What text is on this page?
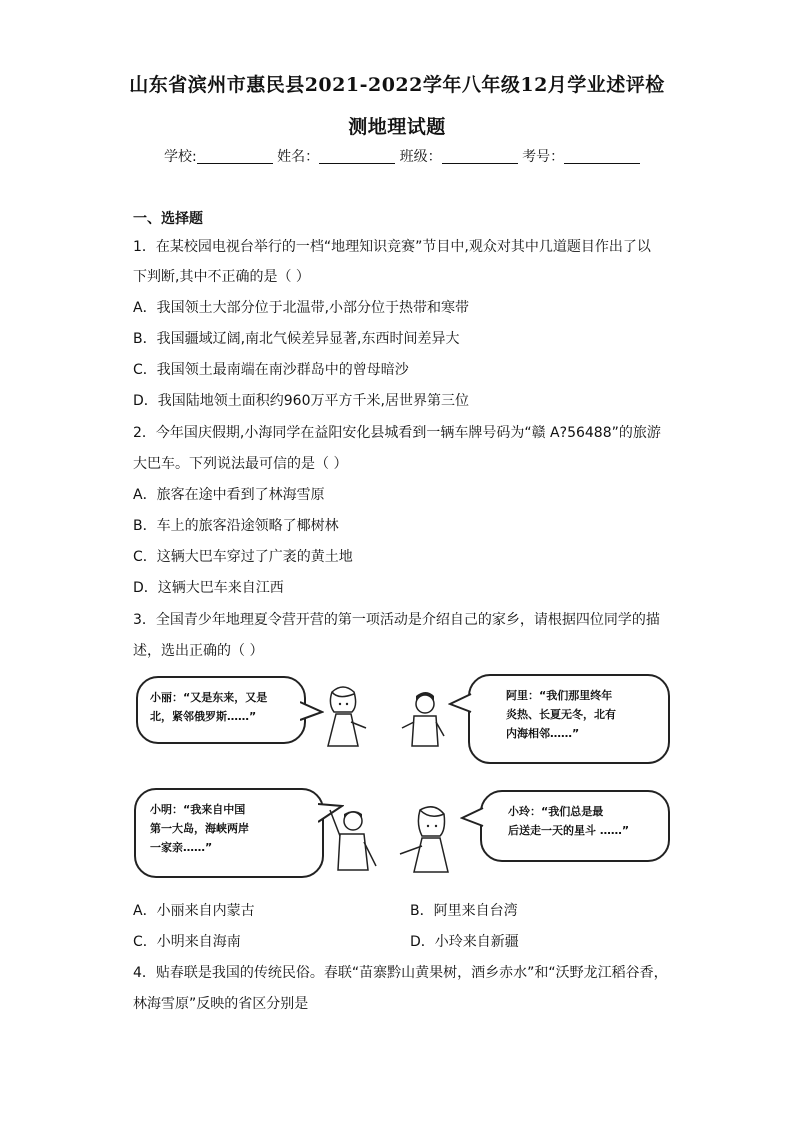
山东省滨州市惠民县2021-2022学年八年级12月学业述评检
测地理试题
学校:	姓名：	班级：	考号：
一、选择题
1．在某校园电视台举行的一档“地理知识竞赛”节目中,观众对其中几道题目作出了以
下判断,其中不正确的是（ ）
A．我国领土大部分位于北温带,小部分位于热带和寒带
B．我国疆域辽阔,南北气候差异显著,东西时间差异大
C．我国领土最南端在南沙群岛中的曾母暗沙
D．我国陆地领土面积约960万平方千米,居世界第三位
2．今年国庆假期,小海同学在益阳安化县城看到一辆车牌号码为“赣 A?56488”的旅游
大巴车。下列说法最可信的是（ ）
A．旅客在途中看到了林海雪原
B．车上的旅客沿途领略了椰树林
C．这辆大巴车穿过了广袤的黄土地
D．这辆大巴车来自江西
3．全国青少年地理夏令营开营的第一项活动是介绍自己的家乡，请根据四位同学的描
述，选出正确的（ ）
小丽：“又是东来，又是
北，紧邻俄罗斯……”
阿里：“我们那里终年
炎热、长夏无冬，北有
内海相邻……”
小明：“我来自中国
第一大岛，海峡两岸
一家亲……”
小玲：“我们总是最
后送走一天的星斗 ……”
A．小丽来自内蒙古	B．阿里来自台湾
C．小明来自海南	D．小玲来自新疆
4．贴春联是我国的传统民俗。春联“苗寨黔山黄果树，酒乡赤水”和“沃野龙江稻谷香，
林海雪原”反映的省区分别是
